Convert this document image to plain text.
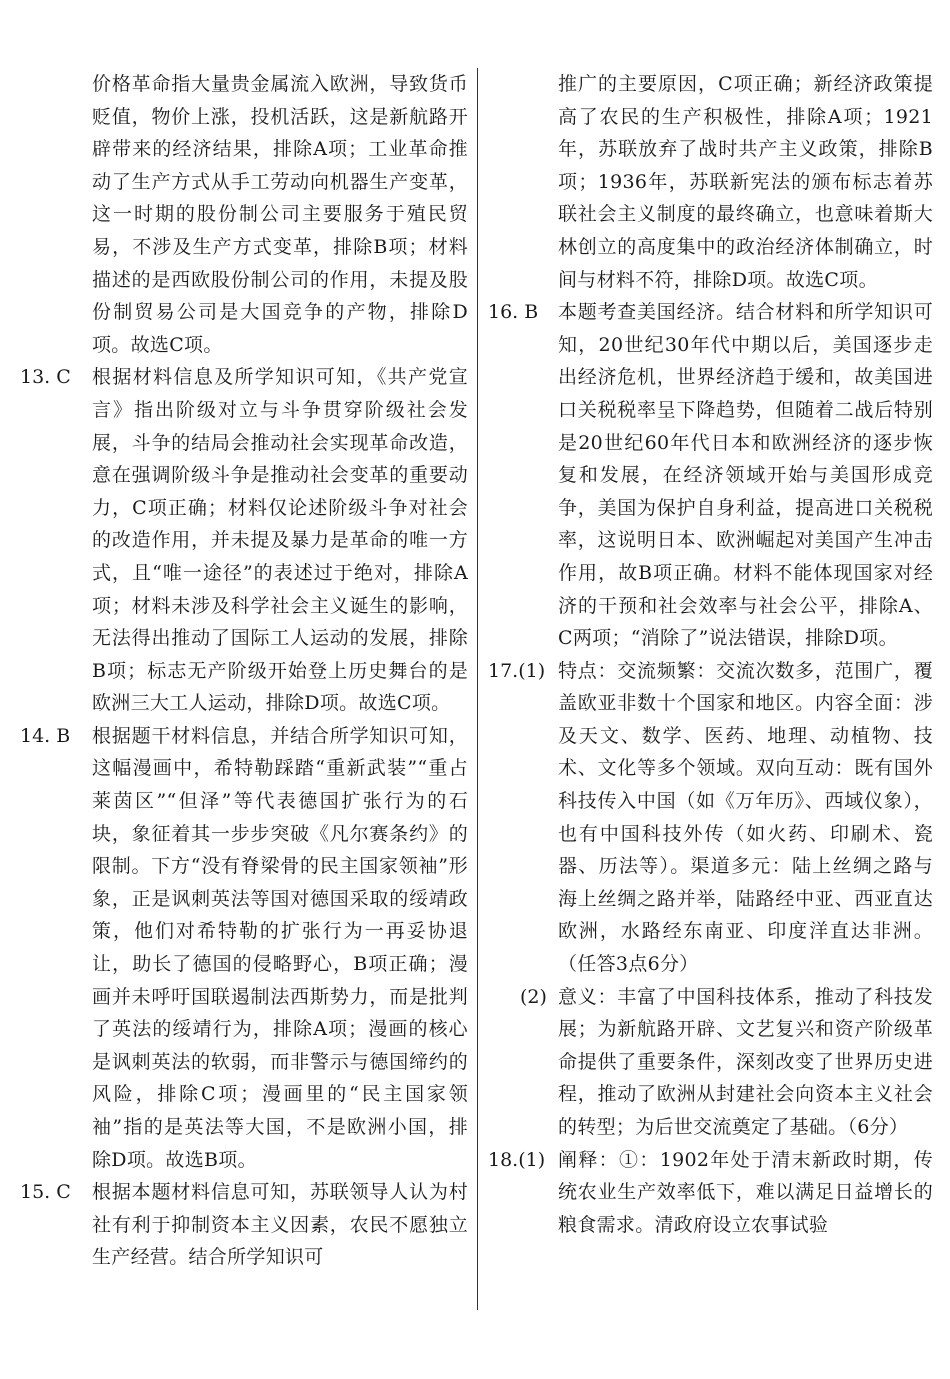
价格革命指大量贵金属流入欧洲，导致货币贬值，物价上涨，投机活跃，这是新航路开辟带来的经济结果，排除A项；工业革命推动了生产方式从手工劳动向机器生产变革，这一时期的股份制公司主要服务于殖民贸易，不涉及生产方式变革，排除B项；材料描述的是西欧股份制公司的作用，未提及股份制贸易公司是大国竞争的产物，排除D项。故选C项。
13. C 根据材料信息及所学知识可知，《共产党宣言》指出阶级对立与斗争贯穿阶级社会发展，斗争的结局会推动社会实现革命改造，意在强调阶级斗争是推动社会变革的重要动力，C项正确；材料仅论述阶级斗争对社会的改造作用，并未提及暴力是革命的唯一方式，且“唯一途径”的表述过于绝对，排除A项；材料未涉及科学社会主义诞生的影响，无法得出推动了国际工人运动的发展，排除B项；标志无产阶级开始登上历史舞台的是欧洲三大工人运动，排除D项。故选C项。
14. B 根据题干材料信息，并结合所学知识可知，这幅漫画中，希特勒踩踏“重新武装”“重占莱茵区”“但泽”等代表德国扩张行为的石块，象征着其一步步突破《凡尔赛条约》的限制。下方“没有脊梁骨的民主国家领袖”形象，正是讽刺英法等国对德国采取的绥靖政策，他们对希特勒的扩张行为一再妥协退让，助长了德国的侵略野心，B项正确；漫画并未呼吁国联遏制法西斯势力，而是批判了英法的绥靖行为，排除A项；漫画的核心是讽刺英法的软弱，而非警示与德国缔约的风险，排除C项；漫画里的“民主国家领袖”指的是英法等大国，不是欧洲小国，排除D项。故选B项。
15. C 根据本题材料信息可知，苏联领导人认为村社有利于抑制资本主义因素，农民不愿独立生产经营。结合所学知识可
推广的主要原因，C项正确；新经济政策提高了农民的生产积极性，排除A项；1921年，苏联放弃了战时共产主义政策，排除B项；1936年，苏联新宪法的颁布标志着苏联社会主义制度的最终确立，也意味着斯大林创立的高度集中的政治经济体制确立，时间与材料不符，排除D项。故选C项。
16. B 本题考查美国经济。结合材料和所学知识可知，20世纪30年代中期以后，美国逐步走出经济危机，世界经济趋于缓和，故美国进口关税税率呈下降趋势，但随着二战后特别是20世纪60年代日本和欧洲经济的逐步恢复和发展，在经济领域开始与美国形成竞争，美国为保护自身利益，提高进口关税税率，这说明日本、欧洲崛起对美国产生冲击作用，故B项正确。材料不能体现国家对经济的干预和社会效率与社会公平，排除A、C两项；“消除了”说法错误，排除D项。
17.(1) 特点：交流频繁：交流次数多，范围广，覆盖欧亚非数十个国家和地区。内容全面：涉及天文、数学、医药、地理、动植物、技术、文化等多个领域。双向互动：既有国外科技传入中国（如《万年历》、西域仪象），也有中国科技外传（如火药、印刷术、瓷器、历法等）。渠道多元：陆上丝绸之路与海上丝绸之路并举，陆路经中亚、西亚直达欧洲，水路经东南亚、印度洋直达非洲。（任答3点6分）
(2) 意义：丰富了中国科技体系，推动了科技发展；为新航路开辟、文艺复兴和资产阶级革命提供了重要条件，深刻改变了世界历史进程，推动了欧洲从封建社会向资本主义社会的转型；为后世交流奠定了基础。（6分）
18.(1) 阐释：①：1902年处于清末新政时期，传统农业生产效率低下，难以满足日益增长的粮食需求。清政府设立农事试验
